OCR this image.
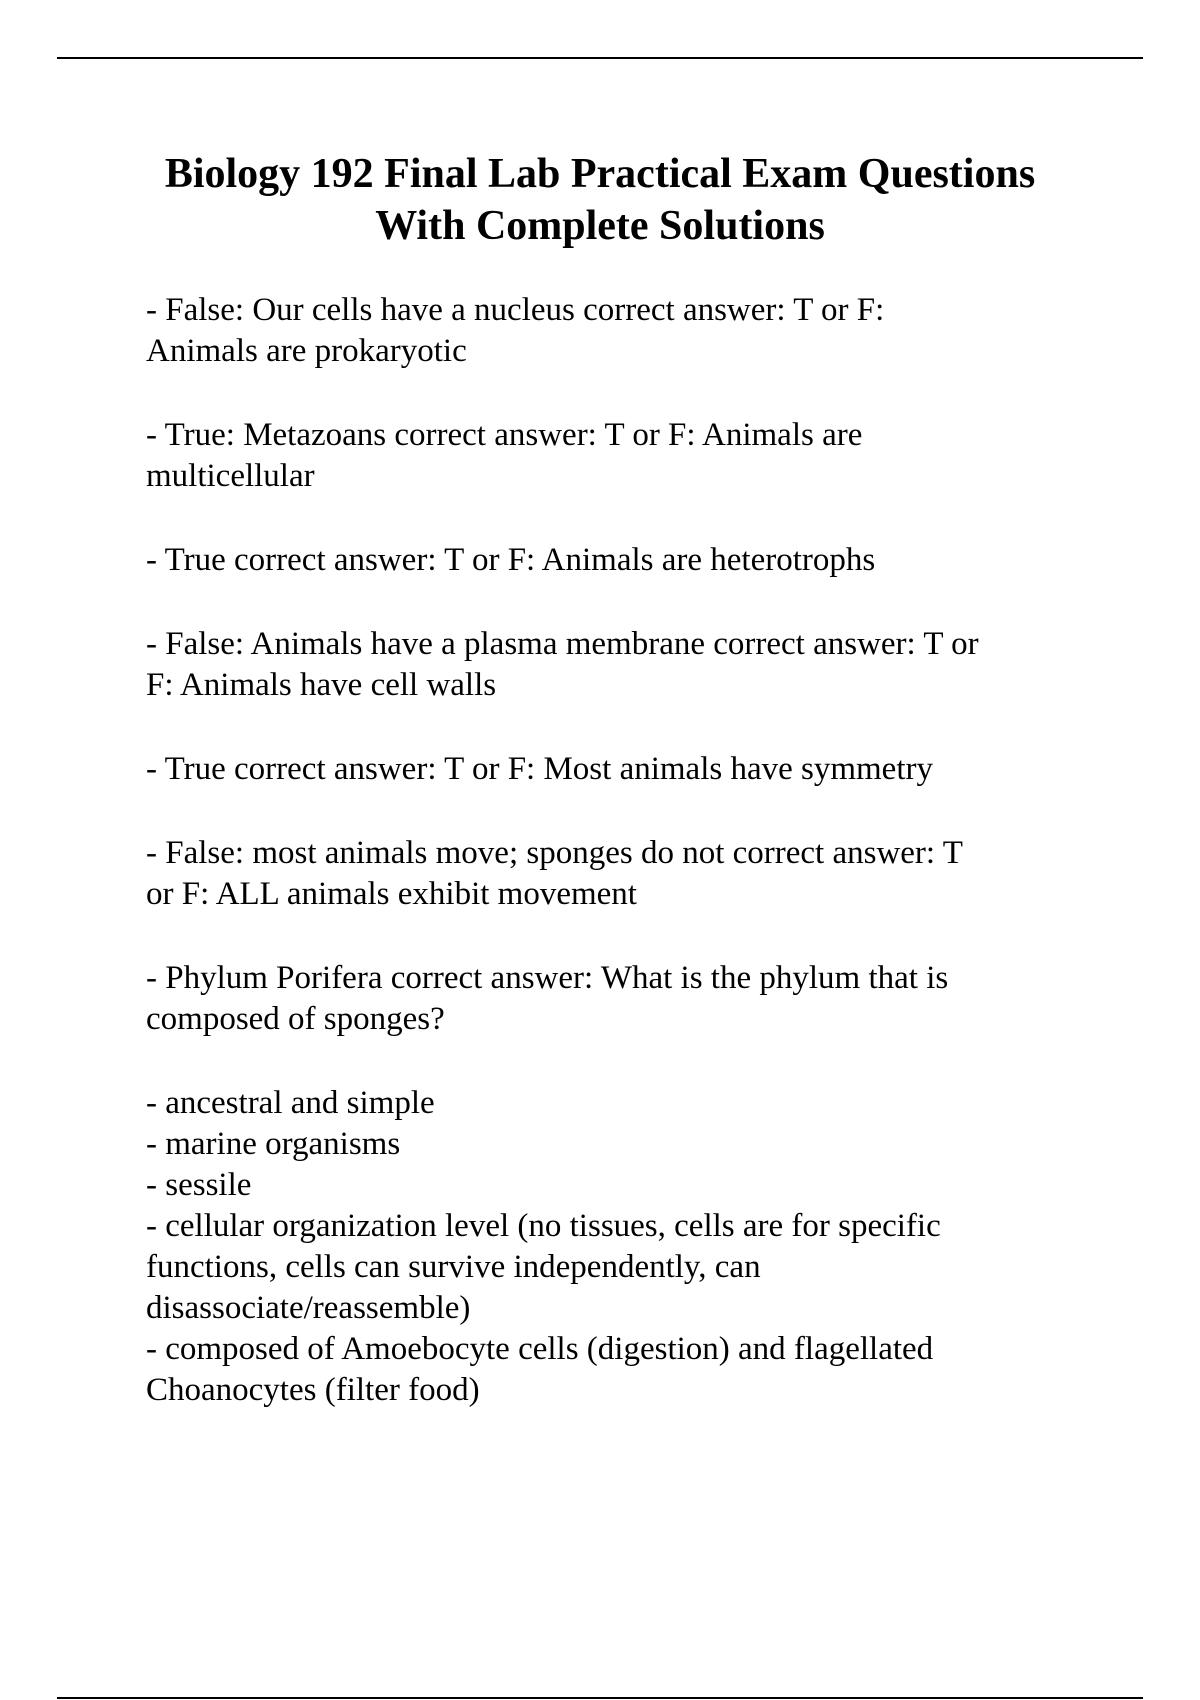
Biology 192 Final Lab Practical Exam Questions
With Complete Solutions
- False: Our cells have a nucleus correct answer: T or F:
Animals are prokaryotic
- True: Metazoans correct answer: T or F: Animals are
multicellular
- True correct answer: T or F: Animals are heterotrophs
- False: Animals have a plasma membrane correct answer: T or
F: Animals have cell walls
- True correct answer: T or F: Most animals have symmetry
- False: most animals move; sponges do not correct answer: T
or F: ALL animals exhibit movement
- Phylum Porifera correct answer: What is the phylum that is
composed of sponges?
- ancestral and simple
- marine organisms
- sessile
- cellular organization level (no tissues, cells are for specific
functions, cells can survive independently, can
disassociate/reassemble)
- composed of Amoebocyte cells (digestion) and flagellated
Choanocytes (filter food)
